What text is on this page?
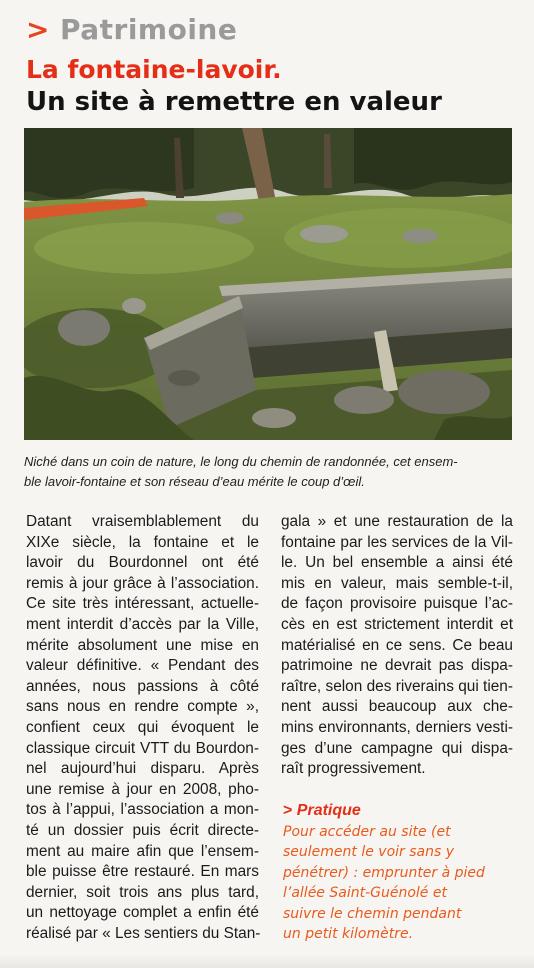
> Patrimoine
La fontaine-lavoir.
Un site à remettre en valeur
Niché dans un coin de nature, le long du chemin de randonnée, cet ensem-
ble lavoir-fontaine et son réseau d’eau mérite le coup d’œil.
Datant vraisemblablement du
XIXe siècle, la fontaine et le
lavoir du Bourdonnel ont été
remis à jour grâce à l’association.
Ce site très intéressant, actuelle-
ment interdit d’accès par la Ville,
mérite absolument une mise en
valeur définitive. « Pendant des
années, nous passions à côté
sans nous en rendre compte »,
confient ceux qui évoquent le
classique circuit VTT du Bourdon-
nel aujourd’hui disparu. Après
une remise à jour en 2008, pho-
tos à l’appui, l’association a mon-
té un dossier puis écrit directe-
ment au maire afin que l’ensem-
ble puisse être restauré. En mars
dernier, soit trois ans plus tard,
un nettoyage complet a enfin été
réalisé par « Les sentiers du Stan-
gala » et une restauration de la
fontaine par les services de la Vil-
le. Un bel ensemble a ainsi été
mis en valeur, mais semble-t-il,
de façon provisoire puisque l’ac-
cès en est strictement interdit et
matérialisé en ce sens. Ce beau
patrimoine ne devrait pas dispa-
raître, selon des riverains qui tien-
nent aussi beaucoup aux che-
mins environnants, derniers vesti-
ges d’une campagne qui dispa-
raît progressivement.
> Pratique
Pour accéder au site (et
seulement le voir sans y
pénétrer) : emprunter à pied
l’allée Saint-Guénolé et
suivre le chemin pendant
un petit kilomètre.
